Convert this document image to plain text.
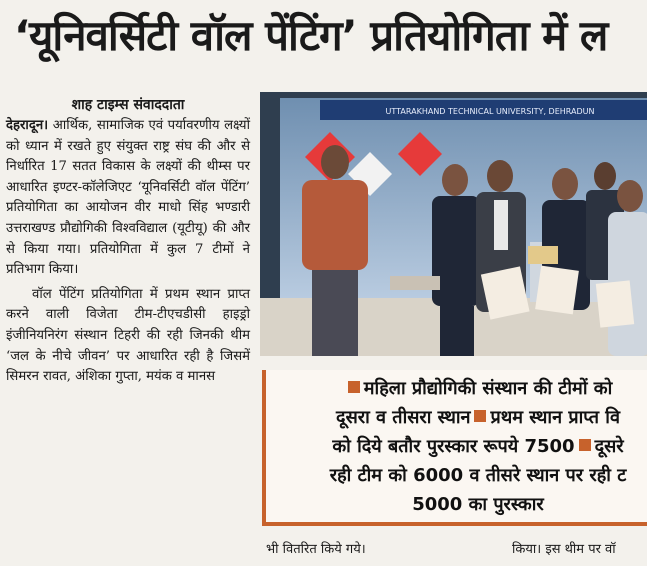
‘यूनिवर्सिटी वॉल पेंटिंग’ प्रतियोगिता में ल
शाह टाइम्स संवाददाता

देहरादून। आर्थिक, सामाजिक एवं पर्यावरणीय लक्ष्यों को ध्यान में रखते हुए संयुक्त राष्ट्र संघ की और से निर्धारित 17 सतत विकास के लक्ष्यों की थीम्स पर आधारित इण्टर-कॉलेजिएट ‘यूनिवर्सिटी वॉल पेंटिंग’ प्रतियोगिता का आयोजन वीर माधो सिंह भण्डारी उत्तराखण्ड प्रौद्योगिकी विश्वविद्याल (यूटीयू) की और से किया गया। प्रतियोगिता में कुल 7 टीमों ने प्रतिभाग किया।

वॉल पेंटिंग प्रतियोगिता में प्रथम स्थान प्राप्त करने वाली विजेता टीम-टीएचडीसी हाइड्रो इंजीनियनिरंग संस्थान टिहरी की रही जिनकी थीम ‘जल के नीचे जीवन’ पर आधारित रही है जिसमें सिमरन रावत, अंशिका गुप्ता, मयंक व मानस

UTTARAKHAND TECHNICAL UNIVERSITY, DEHRADUN
महिला प्रौद्योगिकी संस्थान की टीमों को
दूसरा व तीसरा स्थान प्रथम स्थान प्राप्त वि
को दिये बतौर पुरस्कार रूपये 7500 दूसरे
रही टीम को 6000 व तीसरे स्थान पर रही ट
5000 का पुरस्कार
भी वितरित किये गये।	किया। इस थीम पर वॉ
